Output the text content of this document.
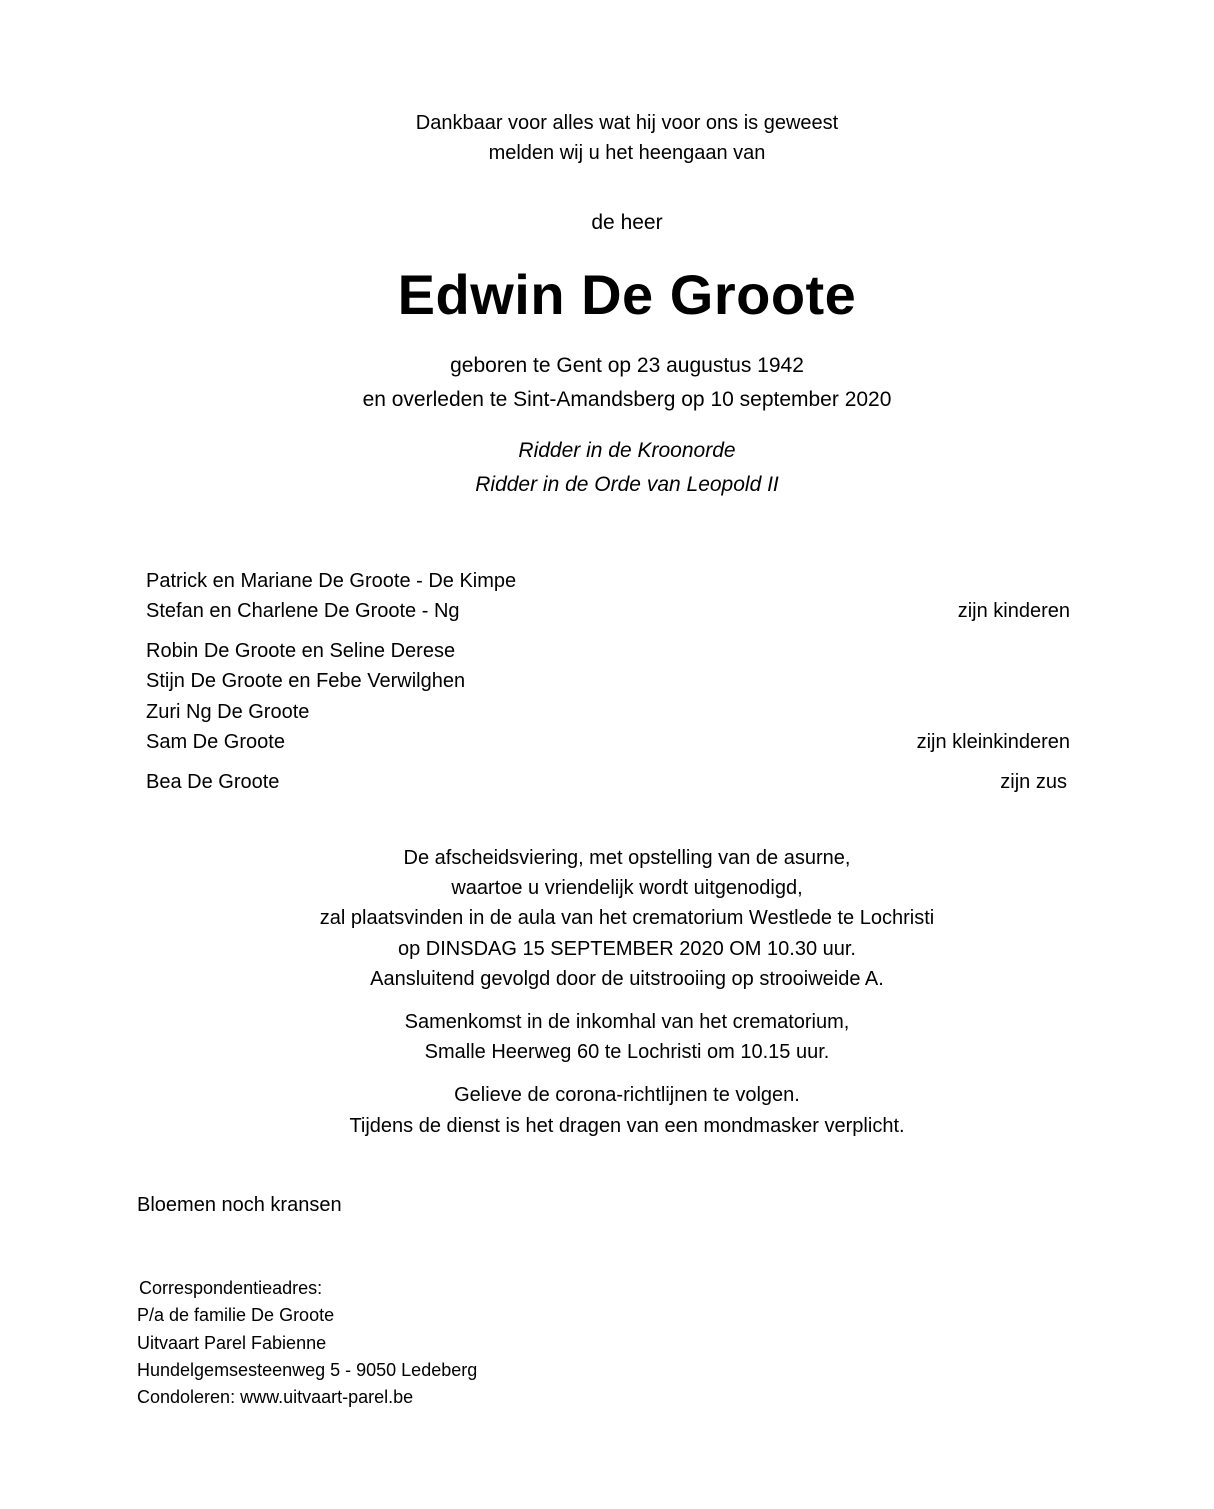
Dankbaar voor alles wat hij voor ons is geweest
melden wij u het heengaan van
de heer
Edwin De Groote
geboren te Gent op 23 augustus 1942
en overleden te Sint-Amandsberg op 10 september 2020
Ridder in de Kroonorde
Ridder in de Orde van Leopold II
Patrick en Mariane De Groote - De Kimpe
Stefan en Charlene De Groote - Ng	zijn kinderen
Robin De Groote en Seline Derese
Stijn De Groote en Febe Verwilghen
Zuri Ng De Groote
Sam De Groote	zijn kleinkinderen
Bea De Groote	zijn zus
De afscheidsviering, met opstelling van de asurne,
waartoe u vriendelijk wordt uitgenodigd,
zal plaatsvinden in de aula van het crematorium Westlede te Lochristi
op DINSDAG 15 SEPTEMBER 2020 OM 10.30 uur.
Aansluitend gevolgd door de uitstrooiing op strooiweide A.
Samenkomst in de inkomhal van het crematorium,
Smalle Heerweg 60 te Lochristi om 10.15 uur.
Gelieve de corona-richtlijnen te volgen.
Tijdens de dienst is het dragen van een mondmasker verplicht.
Bloemen noch kransen
Correspondentieadres:
P/a de familie De Groote
Uitvaart Parel Fabienne
Hundelgemsesteenweg 5 - 9050 Ledeberg
Condoleren: www.uitvaart-parel.be
